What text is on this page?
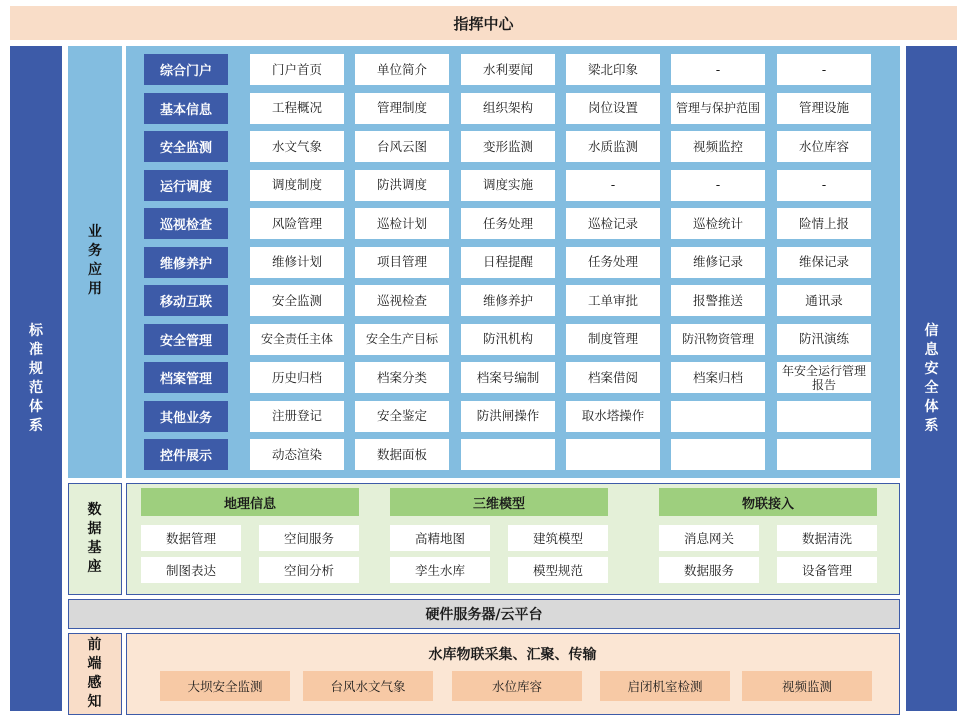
指挥中心
标
准
规
范
体
系
信
息
安
全
体
系
业
务
应
用
综合门户	门户首页	单位简介	水利要闻	梁北印象	-	-
基本信息	工程概况	管理制度	组织架构	岗位设置	管理与保护范围	管理设施
安全监测	水文气象	台风云图	变形监测	水质监测	视频监控	水位库容
运行调度	调度制度	防洪调度	调度实施	-	-	-
巡视检查	风险管理	巡检计划	任务处理	巡检记录	巡检统计	险情上报
维修养护	维修计划	项目管理	日程提醒	任务处理	维修记录	维保记录
移动互联	安全监测	巡视检查	维修养护	工单审批	报警推送	通讯录
安全管理	安全责任主体	安全生产目标	防汛机构	制度管理	防汛物资管理	防汛演练
档案管理	历史归档	档案分类	档案号编制	档案借阅	档案归档	年安全运行管理报告
其他业务	注册登记	安全鉴定	防洪闸操作	取水塔操作
控件展示	动态渲染	数据面板
数
据
基
座
地理信息
数据管理	空间服务
制图表达	空间分析
三维模型
高精地图	建筑模型
孪生水库	模型规范
物联接入
消息网关	数据清洗
数据服务	设备管理
硬件服务器/云平台
前
端
感
知
水库物联采集、汇聚、传输
大坝安全监测	台风水文气象	水位库容	启闭机室检测	视频监测
